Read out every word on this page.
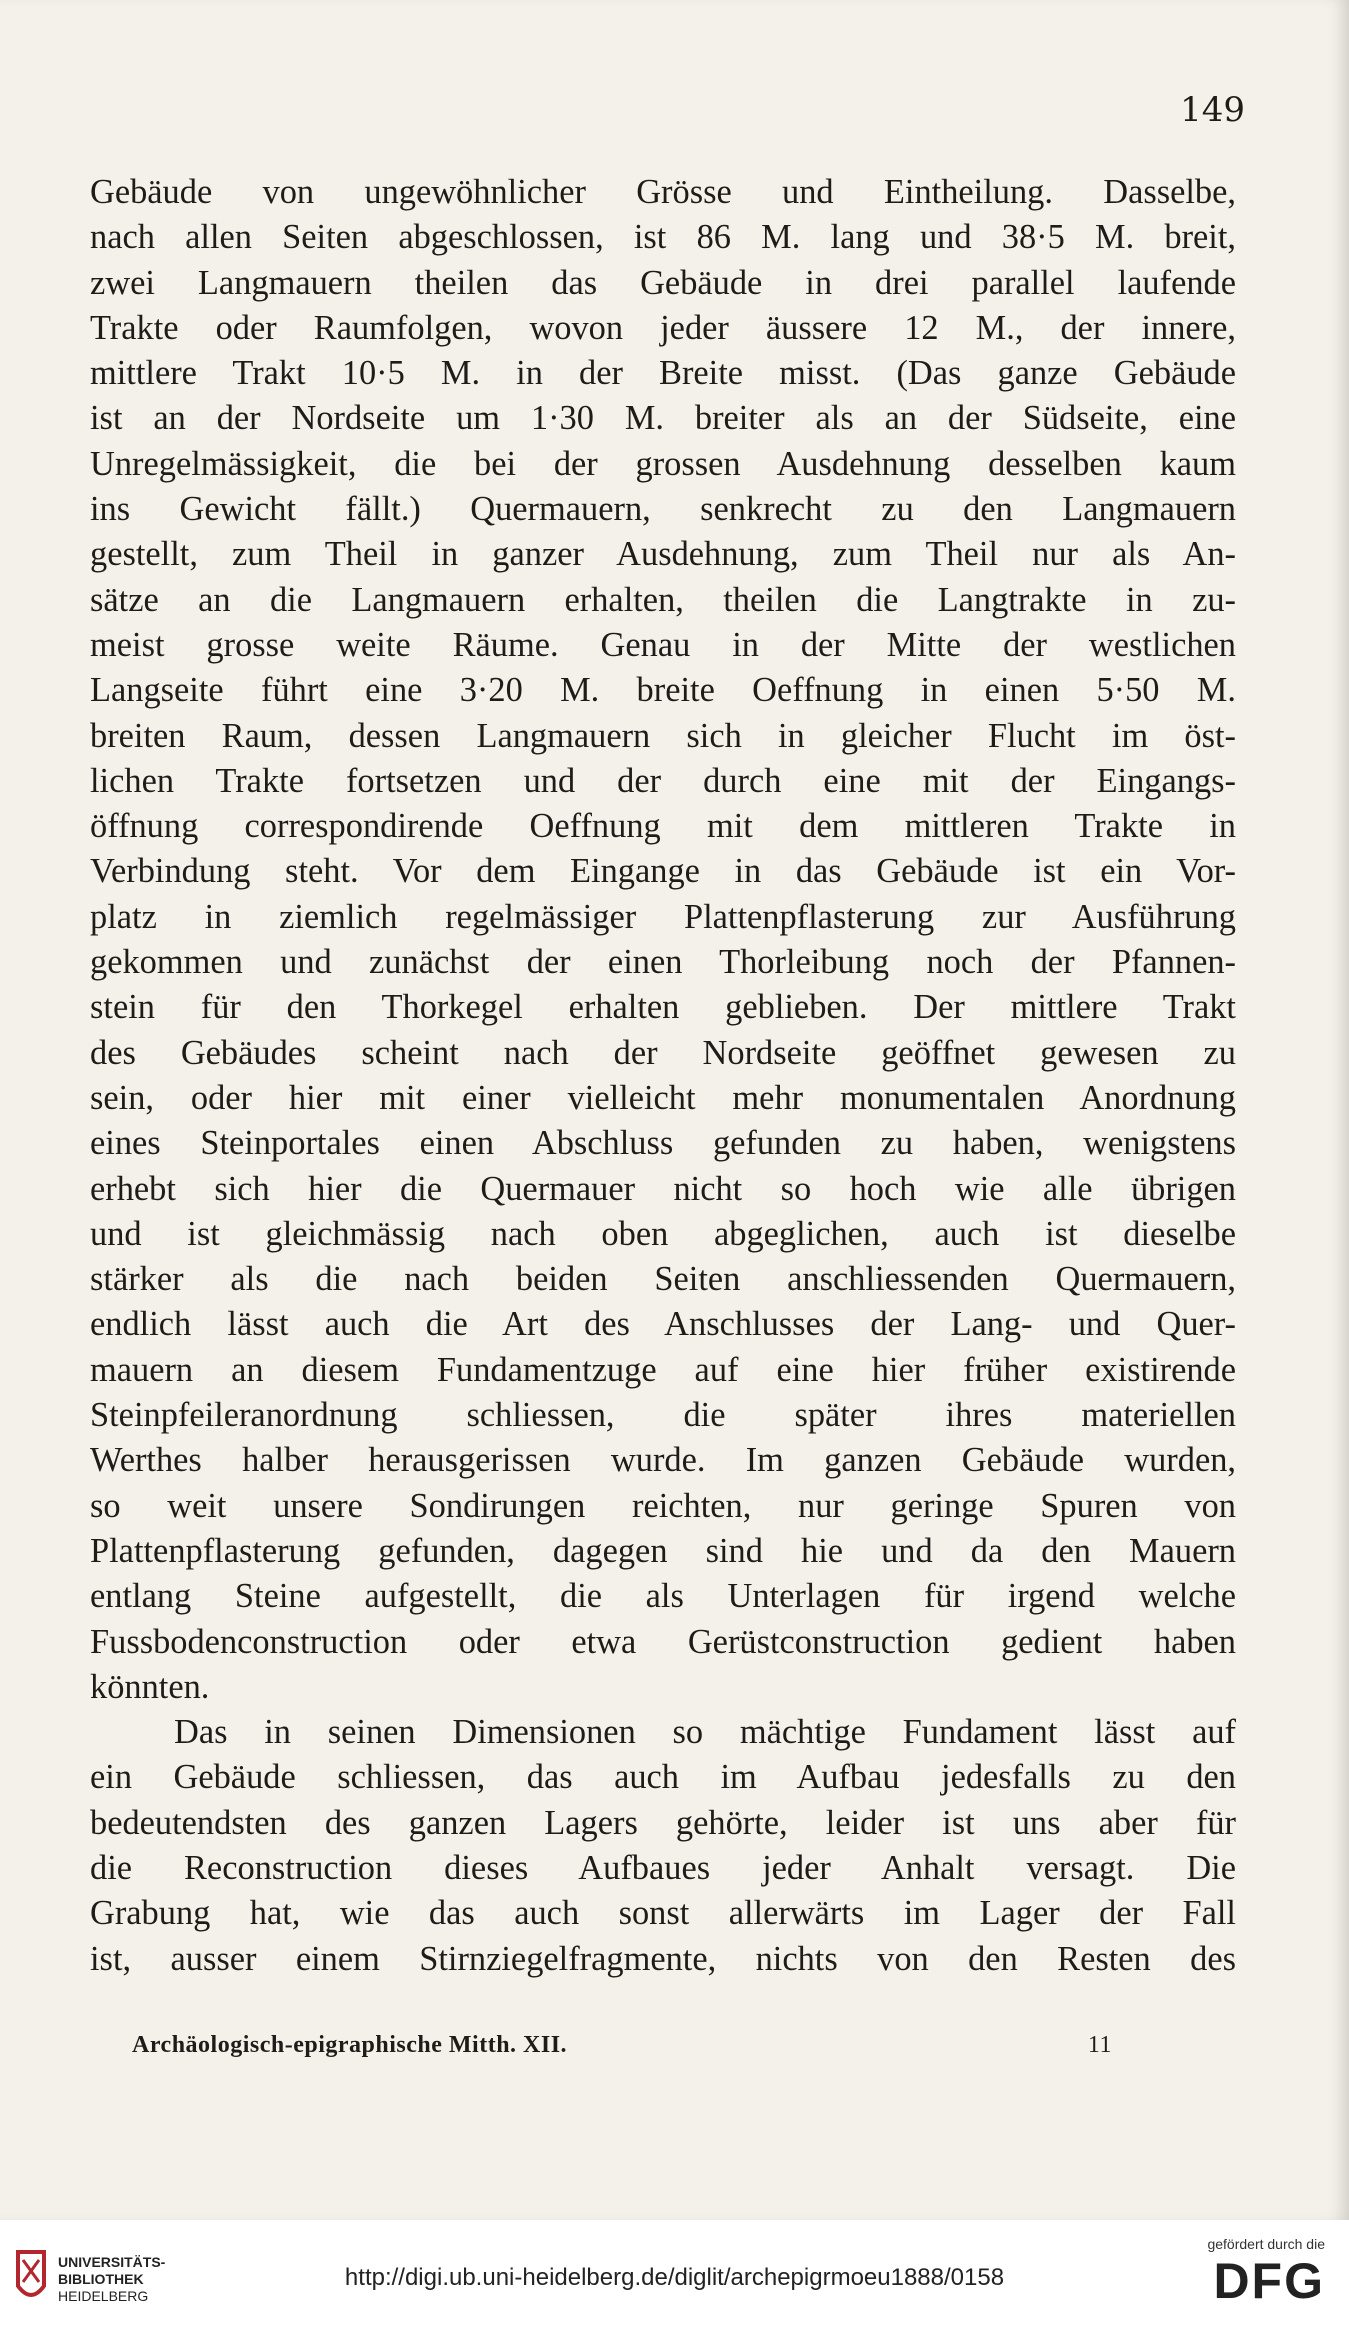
149
Gebäude von ungewöhnlicher Grösse und Eintheilung. Dasselbe,
nach allen Seiten abgeschlossen, ist 86 M. lang und 38·5 M. breit,
zwei Langmauern theilen das Gebäude in drei parallel laufende
Trakte oder Raumfolgen, wovon jeder äussere 12 M., der innere,
mittlere Trakt 10·5 M. in der Breite misst. (Das ganze Gebäude
ist an der Nordseite um 1·30 M. breiter als an der Südseite, eine
Unregelmässigkeit, die bei der grossen Ausdehnung desselben kaum
ins Gewicht fällt.) Quermauern, senkrecht zu den Langmauern
gestellt, zum Theil in ganzer Ausdehnung, zum Theil nur als An-
sätze an die Langmauern erhalten, theilen die Langtrakte in zu-
meist grosse weite Räume. Genau in der Mitte der westlichen
Langseite führt eine 3·20 M. breite Oeffnung in einen 5·50 M.
breiten Raum, dessen Langmauern sich in gleicher Flucht im öst-
lichen Trakte fortsetzen und der durch eine mit der Eingangs-
öffnung correspondirende Oeffnung mit dem mittleren Trakte in
Verbindung steht. Vor dem Eingange in das Gebäude ist ein Vor-
platz in ziemlich regelmässiger Plattenpflasterung zur Ausführung
gekommen und zunächst der einen Thorleibung noch der Pfannen-
stein für den Thorkegel erhalten geblieben. Der mittlere Trakt
des Gebäudes scheint nach der Nordseite geöffnet gewesen zu
sein, oder hier mit einer vielleicht mehr monumentalen Anordnung
eines Steinportales einen Abschluss gefunden zu haben, wenigstens
erhebt sich hier die Quermauer nicht so hoch wie alle übrigen
und ist gleichmässig nach oben abgeglichen, auch ist dieselbe
stärker als die nach beiden Seiten anschliessenden Quermauern,
endlich lässt auch die Art des Anschlusses der Lang- und Quer-
mauern an diesem Fundamentzuge auf eine hier früher existirende
Steinpfeileranordnung schliessen, die später ihres materiellen
Werthes halber herausgerissen wurde. Im ganzen Gebäude wurden,
so weit unsere Sondirungen reichten, nur geringe Spuren von
Plattenpflasterung gefunden, dagegen sind hie und da den Mauern
entlang Steine aufgestellt, die als Unterlagen für irgend welche
Fussbodenconstruction oder etwa Gerüstconstruction gedient haben
könnten.
Das in seinen Dimensionen so mächtige Fundament lässt auf
ein Gebäude schliessen, das auch im Aufbau jedesfalls zu den
bedeutendsten des ganzen Lagers gehörte, leider ist uns aber für
die Reconstruction dieses Aufbaues jeder Anhalt versagt. Die
Grabung hat, wie das auch sonst allerwärts im Lager der Fall
ist, ausser einem Stirnziegelfragmente, nichts von den Resten des
Archäologisch-epigraphische Mitth. XII.	11
UNIVERSITÄTS-
BIBLIOTHEK
HEIDELBERG
http://digi.ub.uni-heidelberg.de/diglit/archepigrmoeu1888/0158
gefördert durch die
DFG
